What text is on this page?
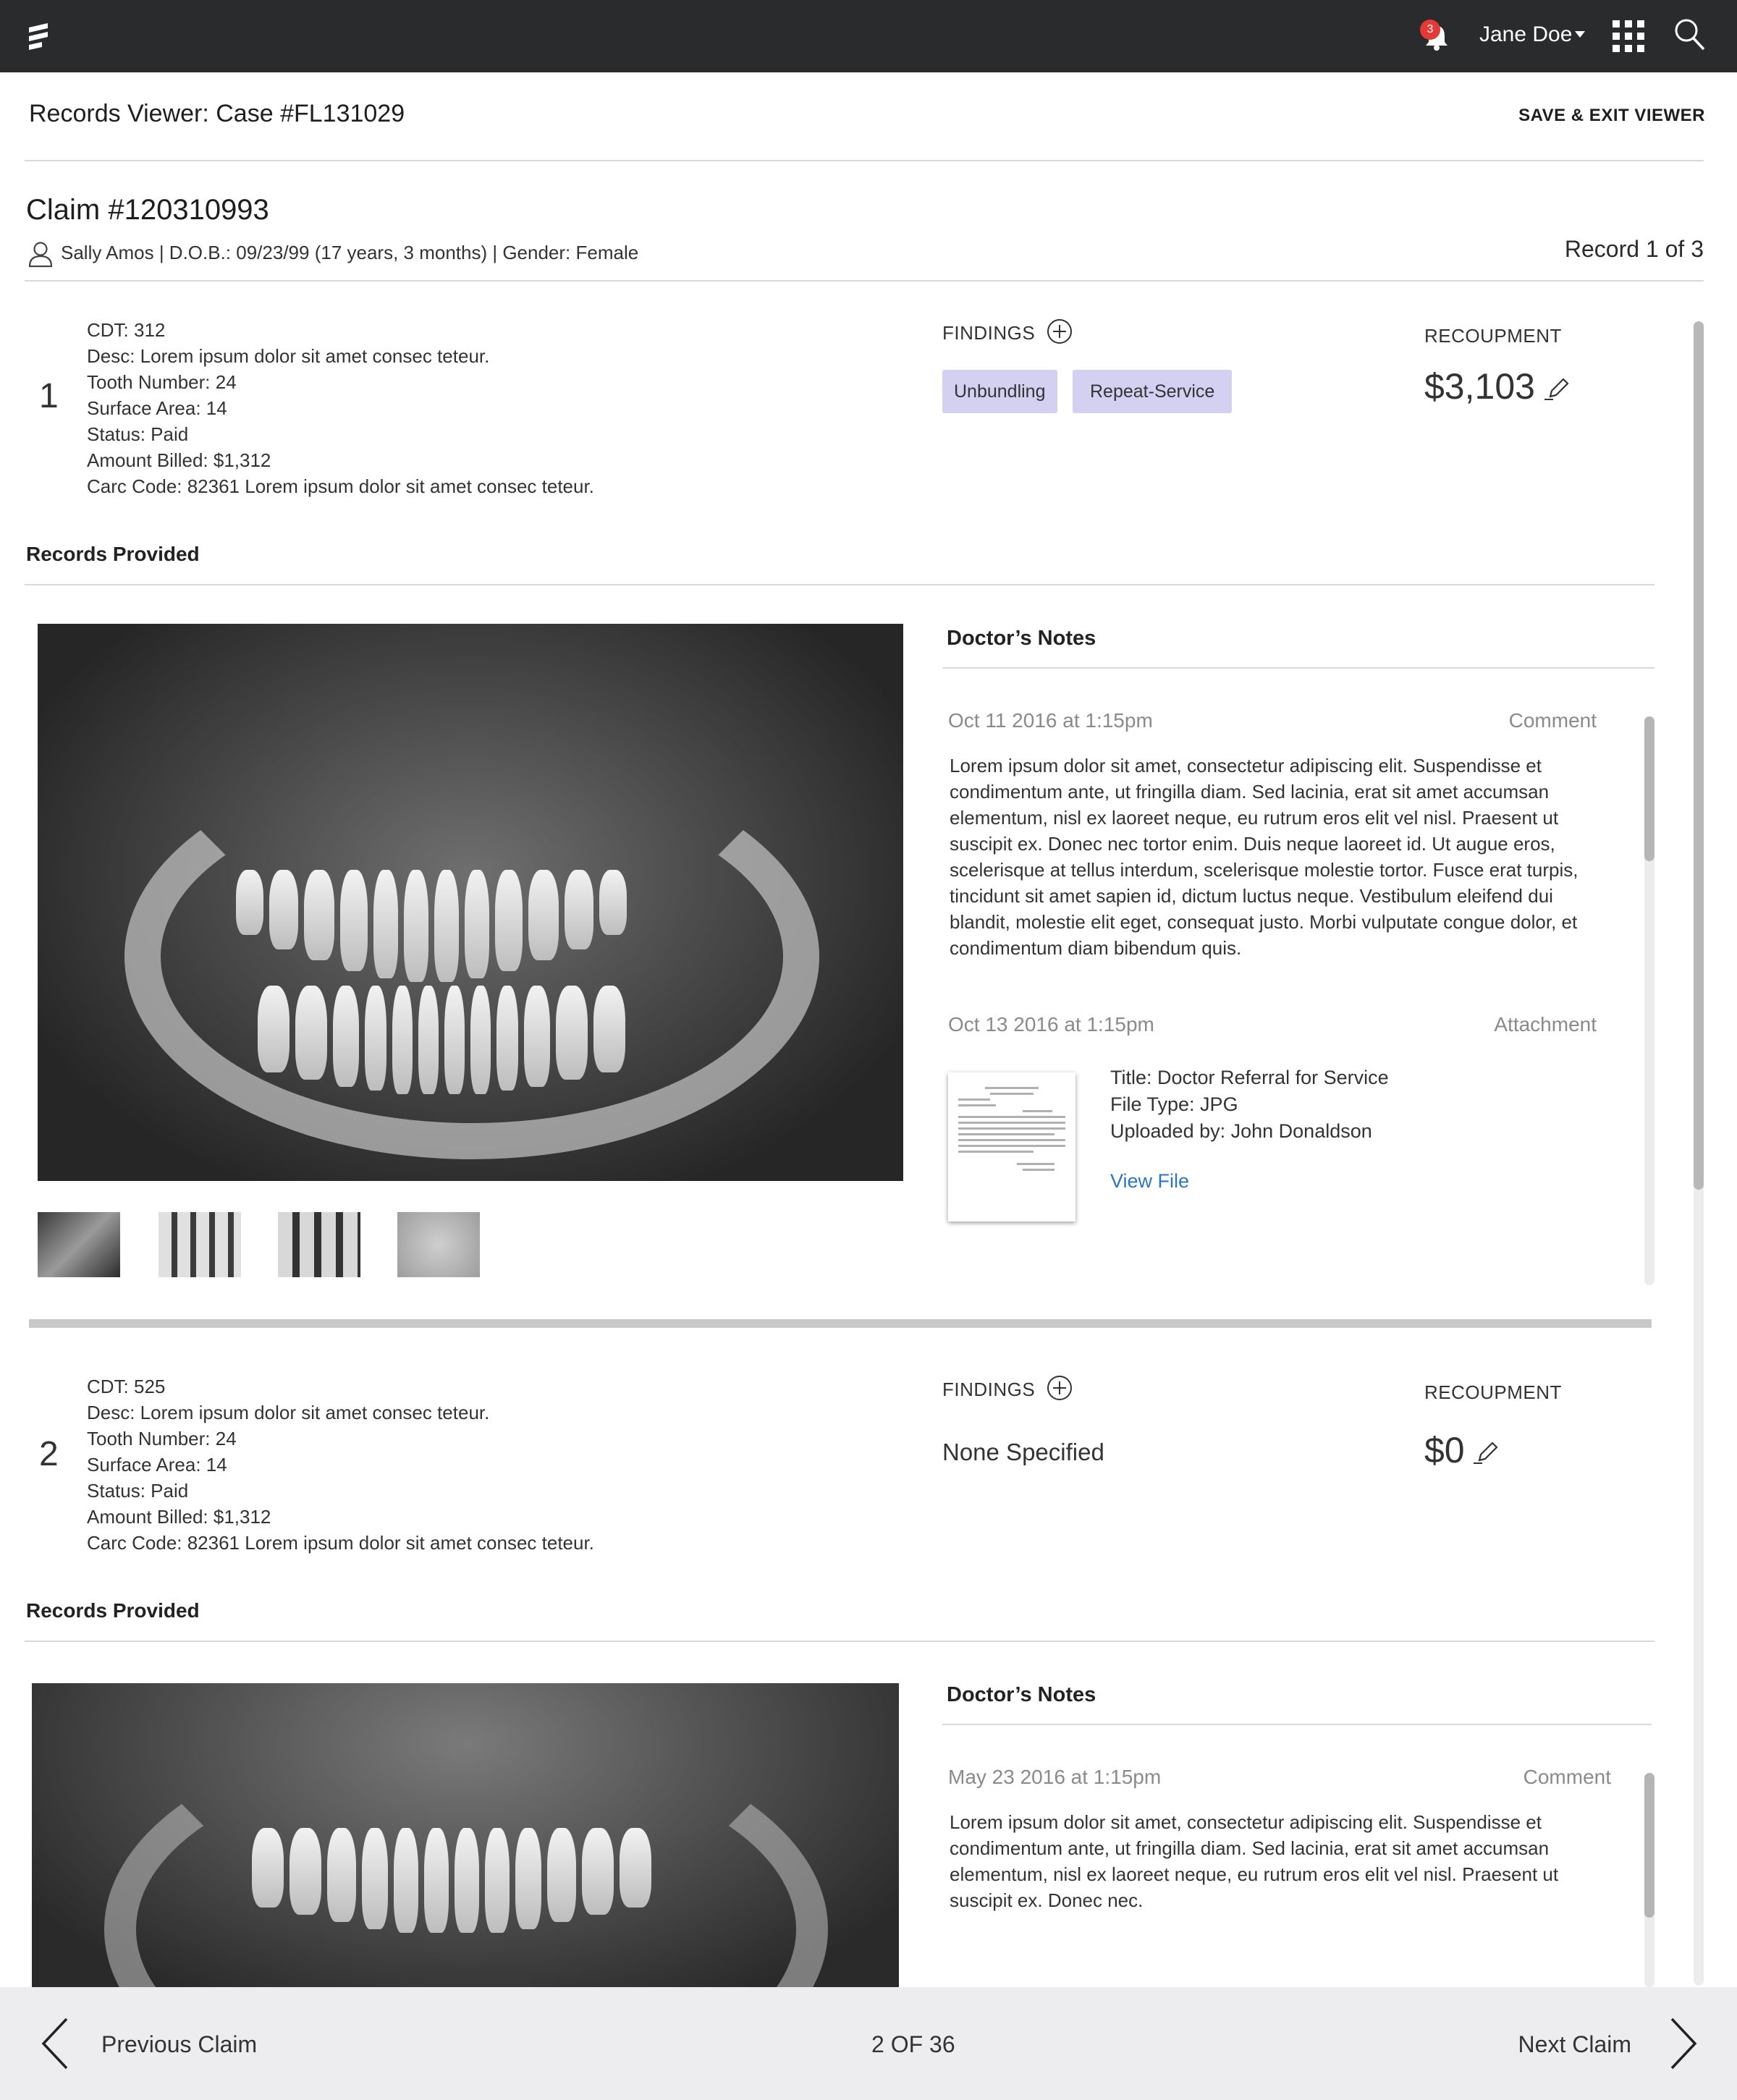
3	Jane Doe
Records Viewer: Case #FL131029	SAVE & EXIT VIEWER
Claim #120310993
Sally Amos | D.O.B.: 09/23/99 (17 years, 3 months) | Gender: Female	Record 1 of 3
1
CDT: 312
Desc: Lorem ipsum dolor sit amet consec teteur.
Tooth Number: 24
Surface Area: 14
Status: Paid
Amount Billed: $1,312
Carc Code: 82361 Lorem ipsum dolor sit amet consec teteur.
FINDINGS
Unbundling	Repeat-Service
RECOUPMENT
$3,103
Records Provided
Doctor’s Notes
Oct 11 2016 at 1:15pm	Comment
Lorem ipsum dolor sit amet, consectetur adipiscing elit. Suspendisse et condimentum ante, ut fringilla diam. Sed lacinia, erat sit amet accumsan elementum, nisl ex laoreet neque, eu rutrum eros elit vel nisl. Praesent ut suscipit ex. Donec nec tortor enim. Duis neque laoreet id. Ut augue eros, scelerisque at tellus interdum, scelerisque molestie tortor. Fusce erat turpis, tincidunt sit amet sapien id, dictum luctus neque. Vestibulum eleifend dui blandit, molestie elit eget, consequat justo. Morbi vulputate congue dolor, et condimentum diam bibendum quis.
Oct 13 2016 at 1:15pm	Attachment
Title: Doctor Referral for Service
File Type: JPG
Uploaded by: John Donaldson
View File
2
CDT: 525
Desc: Lorem ipsum dolor sit amet consec teteur.
Tooth Number: 24
Surface Area: 14
Status: Paid
Amount Billed: $1,312
Carc Code: 82361 Lorem ipsum dolor sit amet consec teteur.
FINDINGS
None Specified
RECOUPMENT
$0
Records Provided
Doctor’s Notes
May 23 2016 at 1:15pm	Comment
Lorem ipsum dolor sit amet, consectetur adipiscing elit. Suspendisse et condimentum ante, ut fringilla diam. Sed lacinia, erat sit amet accumsan elementum, nisl ex laoreet neque, eu rutrum eros elit vel nisl. Praesent ut suscipit ex. Donec nec.
Previous Claim	2 OF 36	Next Claim
